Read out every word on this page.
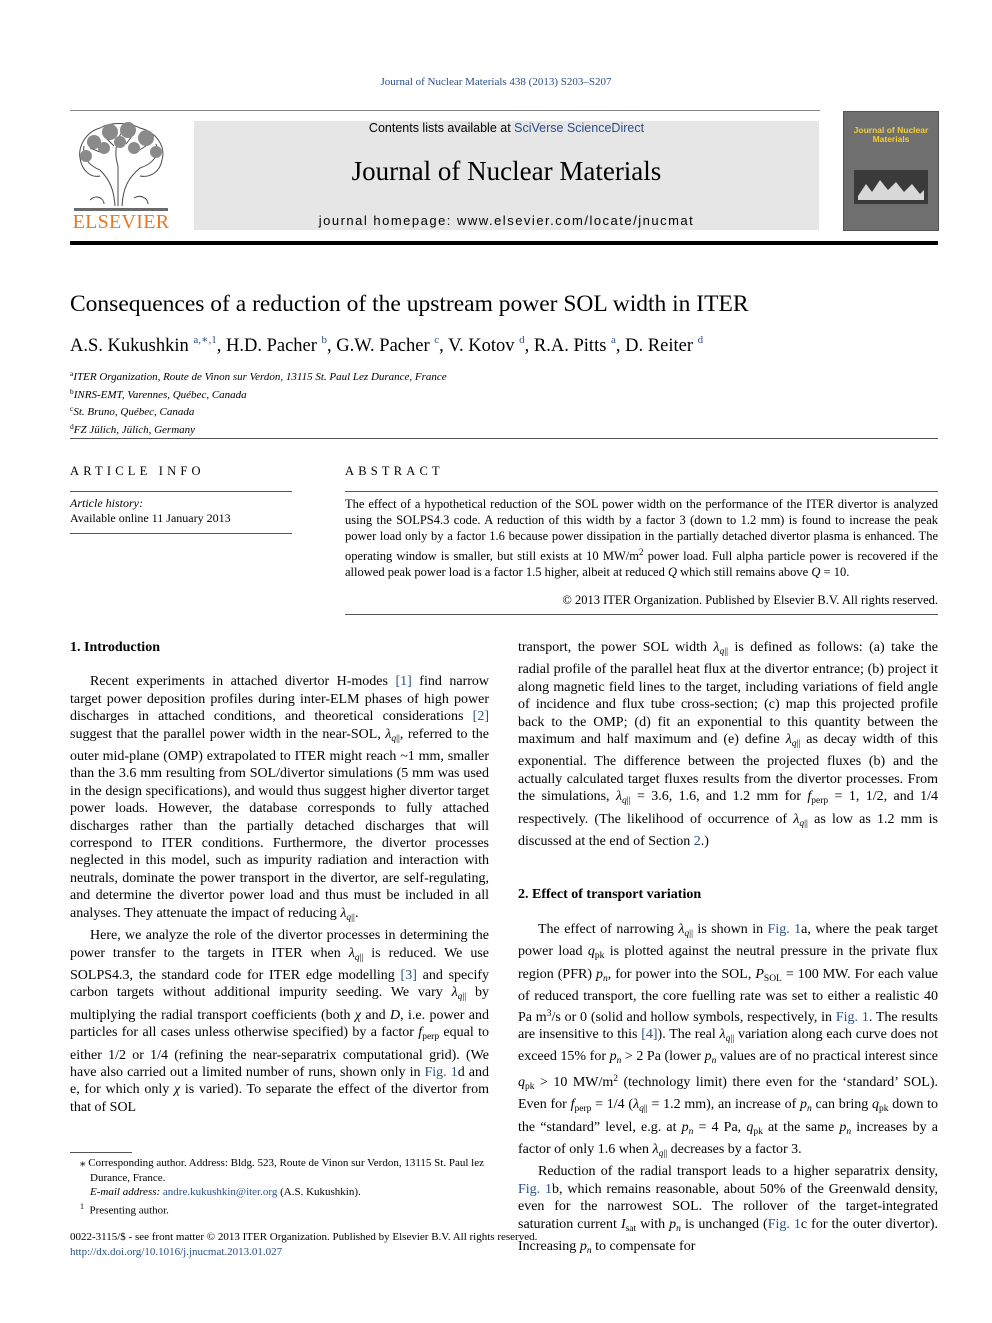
Journal of Nuclear Materials 438 (2013) S203–S207
ELSEVIER
Contents lists available at SciVerse ScienceDirect
Journal of Nuclear Materials
journal homepage: www.elsevier.com/locate/jnucmat
Journal of Nuclear Materials
Consequences of a reduction of the upstream power SOL width in ITER
A.S. Kukushkin $^{a,∗,1}$, H.D. Pacher $^b$, G.W. Pacher $^c$, V. Kotov $^d$, R.A. Pitts $^a$, D. Reiter $^d$
$^a$ITER Organization, Route de Vinon sur Verdon, 13115 St. Paul Lez Durance, France
$^b$INRS-EMT, Varennes, Québec, Canada
$^c$St. Bruno, Québec, Canada
$^d$FZ Jülich, Jülich, Germany
ARTICLE INFO	ABSTRACT
Article history:
Available online 11 January 2013
The effect of a hypothetical reduction of the SOL power width on the performance of the ITER divertor is analyzed using the SOLPS4.3 code. A reduction of this width by a factor 3 (down to 1.2 mm) is found to increase the peak power load only by a factor 1.6 because power dissipation in the partially detached divertor plasma is enhanced. The operating window is smaller, but still exists at 10 $MW/m^2$ power load. Full alpha particle power is recovered if the allowed peak power load is a factor 1.5 higher, albeit at reduced Q which still remains above Q = 10.
© 2013 ITER Organization. Published by Elsevier B.V. All rights reserved.
1. Introduction

Recent experiments in attached divertor H-modes [1] find narrow target power deposition profiles during inter-ELM phases of high power discharges in attached conditions, and theoretical considerations [2] suggest that the parallel power width in the near-SOL, $\lambda_{q||}$, referred to the outer mid-plane (OMP) extrapolated to ITER might reach ~1 mm, smaller than the 3.6 mm resulting from SOL/divertor simulations (5 mm was used in the design specifications), and would thus suggest higher divertor target power loads. However, the database corresponds to fully attached discharges rather than the partially detached discharges that will correspond to ITER conditions. Furthermore, the divertor processes neglected in this model, such as impurity radiation and interaction with neutrals, dominate the power transport in the divertor, are self-regulating, and determine the divertor power load and thus must be included in all analyses. They attenuate the impact of reducing $\lambda_{q||}$.

Here, we analyze the role of the divertor processes in determining the power transfer to the targets in ITER when $\lambda_{q||}$ is reduced. We use SOLPS4.3, the standard code for ITER edge modelling [3] and specify carbon targets without additional impurity seeding. We vary $\lambda_{q||}$ by multiplying the radial transport coefficients (both χ and D, i.e. power and particles for all cases unless otherwise specified) by a factor $f_{perp}$ equal to either 1/2 or 1/4 (refining the near-separatrix computational grid). (We have also carried out a limited number of runs, shown only in Fig. 1d and e, for which only χ is varied). To separate the effect of the divertor from that of SOL

⁎ Corresponding author. Address: Bldg. 523, Route de Vinon sur Verdon, 13115 St. Paul lez Durance, France.

E-mail address: andre.kukushkin@iter.org (A.S. Kukushkin).

$^1$ Presenting author.

transport, the power SOL width $\lambda_{q||}$ is defined as follows: (a) take the radial profile of the parallel heat flux at the divertor entrance; (b) project it along magnetic field lines to the target, including variations of field angle of incidence and flux tube cross-section; (c) map this projected profile back to the OMP; (d) fit an exponential to this quantity between the maximum and half maximum and (e) define $\lambda_{q||}$ as decay width of this exponential. The difference between the projected fluxes (b) and the actually calculated target fluxes results from the divertor processes. From the simulations, $\lambda_{q||} = 3.6$, 1.6, and 1.2 mm for $f_{perp} = 1$, 1/2, and 1/4 respectively. (The likelihood of occurrence of $\lambda_{q||}$ as low as 1.2 mm is discussed at the end of Section 2.)

2. Effect of transport variation

The effect of narrowing $\lambda_{q||}$ is shown in Fig. 1a, where the peak target power load $q_{pk}$ is plotted against the neutral pressure in the private flux region (PFR) $p_n$, for power into the SOL, $P_{SOL} = 100$ MW. For each value of reduced transport, the core fuelling rate was set to either a realistic 40 Pa $m^3/s$ or 0 (solid and hollow symbols, respectively, in Fig. 1. The results are insensitive to this [4]). The real $\lambda_{q||}$ variation along each curve does not exceed 15% for $p_n > 2$ Pa (lower $p_n$ values are of no practical interest since $q_{pk} > 10$ $MW/m^2$ (technology limit) there even for the ‘standard’ SOL). Even for $f_{perp} = 1/4$ ($\lambda_{q||} = 1.2$ mm), an increase of $p_n$ can bring $q_{pk}$ down to the “standard” level, e.g. at $p_n = 4$ Pa, $q_{pk}$ at the same $p_n$ increases by a factor of only 1.6 when $\lambda_{q||}$ decreases by a factor 3.

Reduction of the radial transport leads to a higher separatrix density, Fig. 1b, which remains reasonable, about 50% of the Greenwald density, even for the narrowest SOL. The rollover of the target-integrated saturation current $I_{sat}$ with $p_n$ is unchanged (Fig. 1c for the outer divertor). Increasing $p_n$ to compensate for

0022-3115/$ - see front matter © 2013 ITER Organization. Published by Elsevier B.V. All rights reserved.
http://dx.doi.org/10.1016/j.jnucmat.2013.01.027
